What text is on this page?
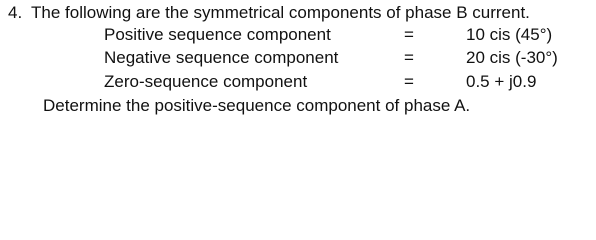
4. The following are the symmetrical components of phase B current.
Positive sequence component	=	10 cis (45°)
Negative sequence component	=	20 cis (-30°)
Zero-sequence component	=	0.5 + j0.9
Determine the positive-sequence component of phase A.
